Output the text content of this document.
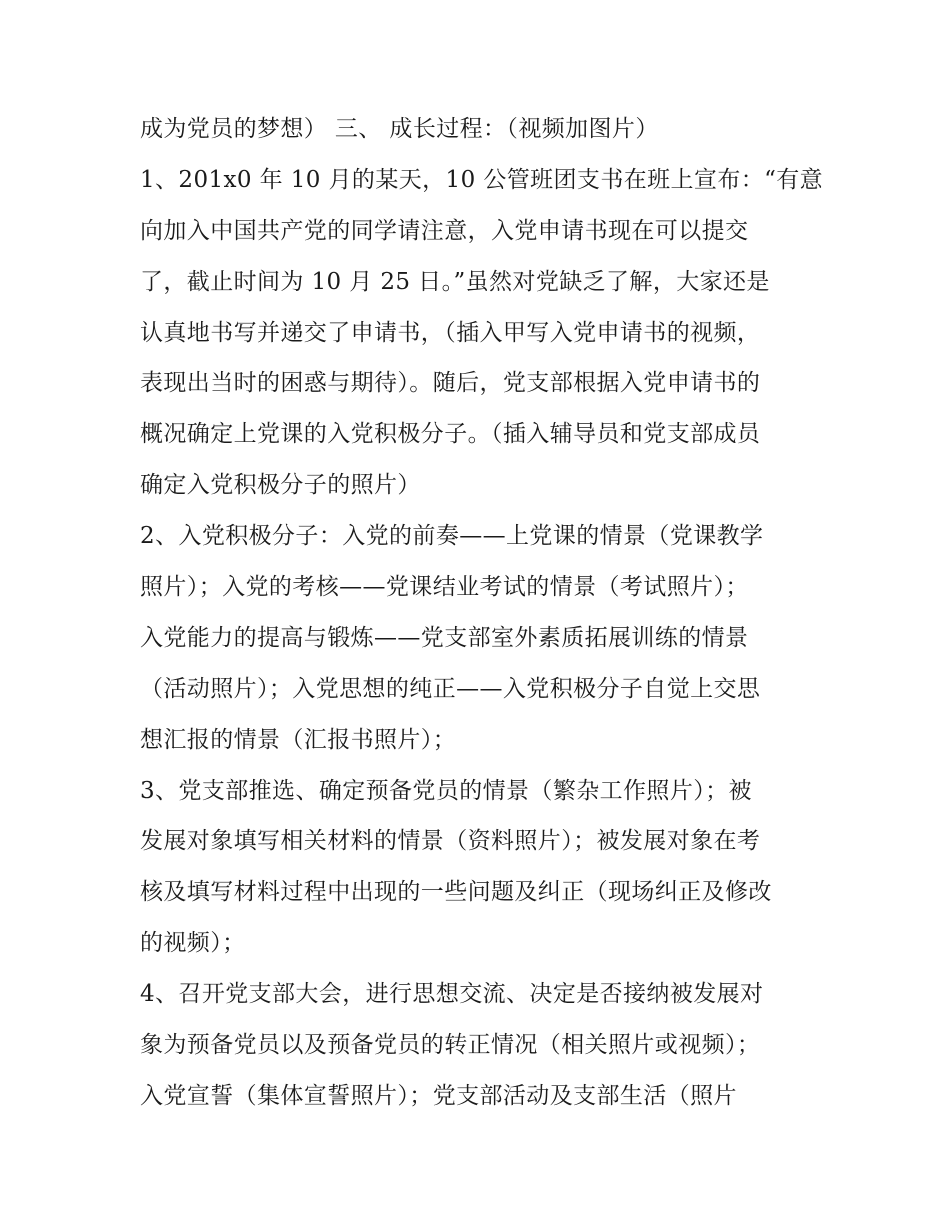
成为党员的梦想） 三、 成长过程：（视频加图片）
1、201x0 年 10 月的某天，10 公管班团支书在班上宣布：“有意
向加入中国共产党的同学请注意，入党申请书现在可以提交
了，截止时间为 10 月 25 日。”虽然对党缺乏了解，大家还是
认真地书写并递交了申请书，（插入甲写入党申请书的视频，
表现出当时的困惑与期待）。随后，党支部根据入党申请书的
概况确定上党课的入党积极分子。（插入辅导员和党支部成员
确定入党积极分子的照片）
2、入党积极分子：入党的前奏——上党课的情景（党课教学
照片）；入党的考核——党课结业考试的情景（考试照片）；
入党能力的提高与锻炼——党支部室外素质拓展训练的情景
（活动照片）；入党思想的纯正——入党积极分子自觉上交思
想汇报的情景（汇报书照片）；
3、党支部推选、确定预备党员的情景（繁杂工作照片）；被
发展对象填写相关材料的情景（资料照片）；被发展对象在考
核及填写材料过程中出现的一些问题及纠正（现场纠正及修改
的视频）；
4、召开党支部大会，进行思想交流、决定是否接纳被发展对
象为预备党员以及预备党员的转正情况（相关照片或视频）；
入党宣誓（集体宣誓照片）；党支部活动及支部生活（照片
